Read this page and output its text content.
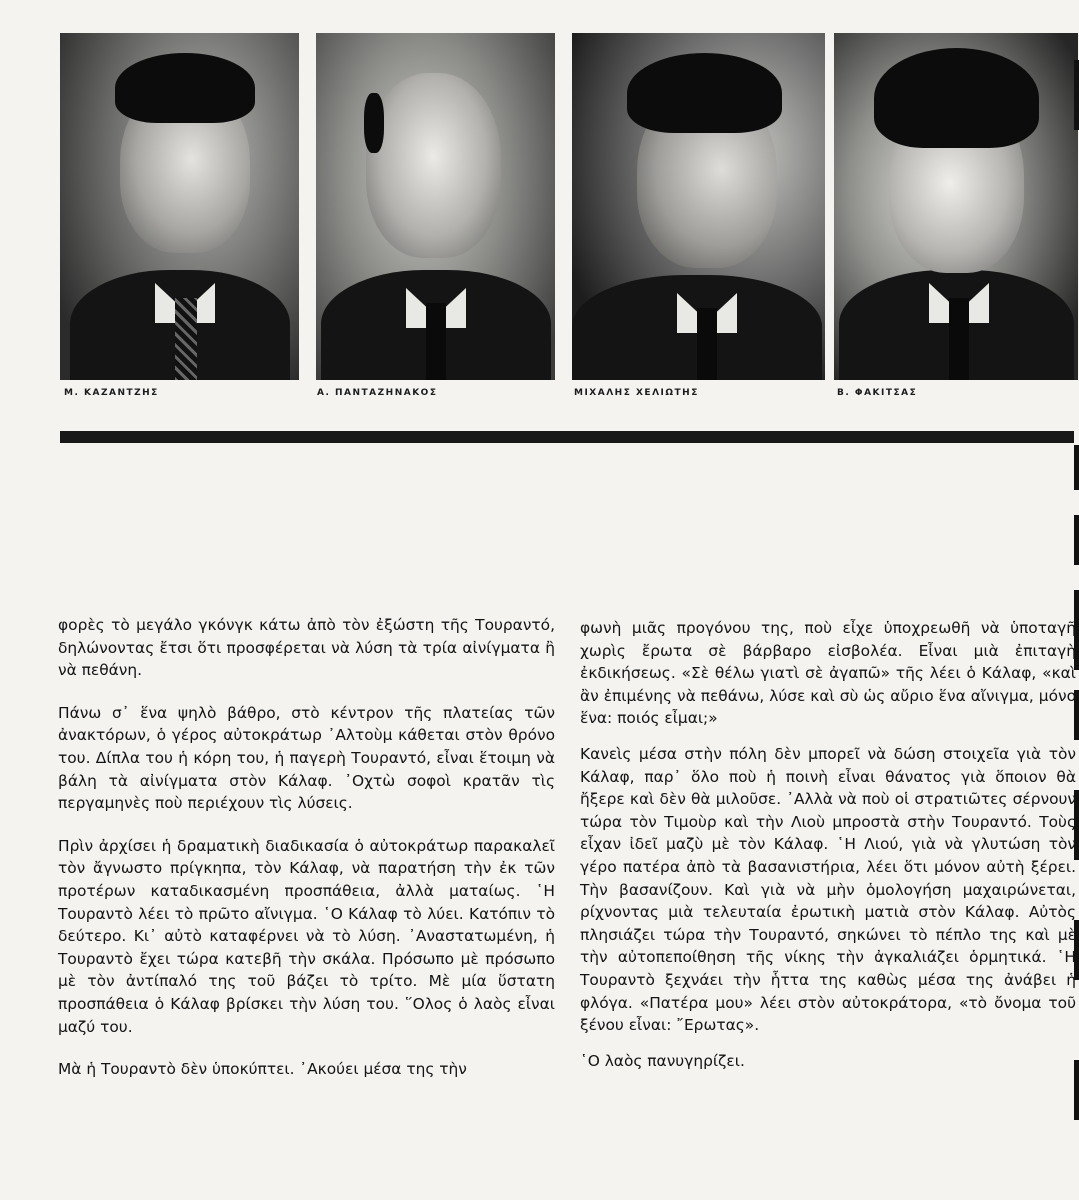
Μ. ΚΑΖΑΝΤΖΗΣ	Α. ΠΑΝΤΑΖΗΝΑΚΟΣ	ΜΙΧΑΛΗΣ ΧΕΛΙΩΤΗΣ	Β. ΦΑΚΙΤΣΑΣ

φορὲς τὸ μεγάλο γκόνγκ κάτω ἀπὸ τὸν ἐξώστη τῆς Τουραντό, δηλώνοντας ἔτσι ὅτι προσφέρεται νὰ λύση τὰ τρία αἰνίγματα ἢ νὰ πεθάνη.

Πάνω σ᾽ ἕνα ψηλὸ βάθρο, στὸ κέντρον τῆς πλατείας τῶν ἀνακτόρων, ὁ γέρος αὐτοκράτωρ ᾿Αλτοὺμ κάθεται στὸν θρόνο του. Δίπλα του ἡ κόρη του, ἡ παγερὴ Τουραντό, εἶναι ἕτοιμη νὰ βάλη τὰ αἰνίγματα στὸν Κάλαφ. ᾿Οχτὼ σοφοὶ κρατᾶν τὶς περγαμηνὲς ποὺ περιέχουν τὶς λύσεις.

Πρὶν ἀρχίσει ἡ δραματικὴ διαδικασία ὁ αὐτοκράτωρ παρακαλεῖ τὸν ἄγνωστο πρίγκηπα, τὸν Κάλαφ, νὰ παρατήση τὴν ἐκ τῶν προτέρων καταδικασμένη προσπάθεια, ἀλλὰ ματαίως. ῾Η Τουραντὸ λέει τὸ πρῶτο αἴνιγμα. ῾Ο Κάλαφ τὸ λύει. Κατόπιν τὸ δεύτερο. Κι᾽ αὐτὸ καταφέρνει νὰ τὸ λύση. ᾿Αναστατωμένη, ἡ Τουραντὸ ἔχει τώρα κατεβῆ τὴν σκάλα. Πρόσωπο μὲ πρόσωπο μὲ τὸν ἀντίπαλό της τοῦ βάζει τὸ τρίτο. Μὲ μία ὕστατη προσπάθεια ὁ Κάλαφ βρίσκει τὴν λύση του. ῞Ολος ὁ λαὸς εἶναι μαζύ του.

Μὰ ἡ Τουραντὸ δὲν ὑποκύπτει. ᾿Ακούει μέσα της τὴν

φωνὴ μιᾶς προγόνου της, ποὺ εἶχε ὑποχρεωθῆ νὰ ὑποταγῆ χωρὶς ἔρωτα σὲ βάρβαρο εἰσβολέα. Εἶναι μιὰ ἐπιταγὴ ἐκδικήσεως. «Σὲ θέλω γιατὶ σὲ ἀγαπῶ» τῆς λέει ὁ Κάλαφ, «καὶ ἂν ἐπιμένης νὰ πεθάνω, λύσε καὶ σὺ ὡς αὔριο ἕνα αἴνιγμα, μόνο ἕνα: ποιός εἶμαι;»

Κανεὶς μέσα στὴν πόλη δὲν μπορεῖ νὰ δώση στοιχεῖα γιὰ τὸν Κάλαφ, παρ᾽ ὅλο ποὺ ἡ ποινὴ εἶναι θάνατος γιὰ ὅποιον θὰ ἤξερε καὶ δὲν θὰ μιλοῦσε. ᾿Αλλὰ νὰ ποὺ οἱ στρατιῶτες σέρνουν τώρα τὸν Τιμοὺρ καὶ τὴν Λιοὺ μπροστὰ στὴν Τουραντό. Τοὺς εἶχαν ἰδεῖ μαζὺ μὲ τὸν Κάλαφ. ῾Η Λιού, γιὰ νὰ γλυτώση τὸν γέρο πατέρα ἀπὸ τὰ βασανιστήρια, λέει ὅτι μόνον αὐτὴ ξέρει. Τὴν βασανίζουν. Καὶ γιὰ νὰ μὴν ὁμολογήση μαχαιρώνεται, ρίχνοντας μιὰ τελευταία ἐρωτικὴ ματιὰ στὸν Κάλαφ. Αὐτὸς πλησιάζει τώρα τὴν Τουραντό, σηκώνει τὸ πέπλο της καὶ μὲ τὴν αὐτοπεποίθηση τῆς νίκης τὴν ἀγκαλιάζει ὁρμητικά. ῾Η Τουραντὸ ξεχνάει τὴν ἧττα της καθὼς μέσα της ἀνάβει ἡ φλόγα. «Πατέρα μου» λέει στὸν αὐτοκράτορα, «τὸ ὄνομα τοῦ ξένου εἶναι: ῎Ερωτας».

῾Ο λαὸς πανυγηρίζει.
